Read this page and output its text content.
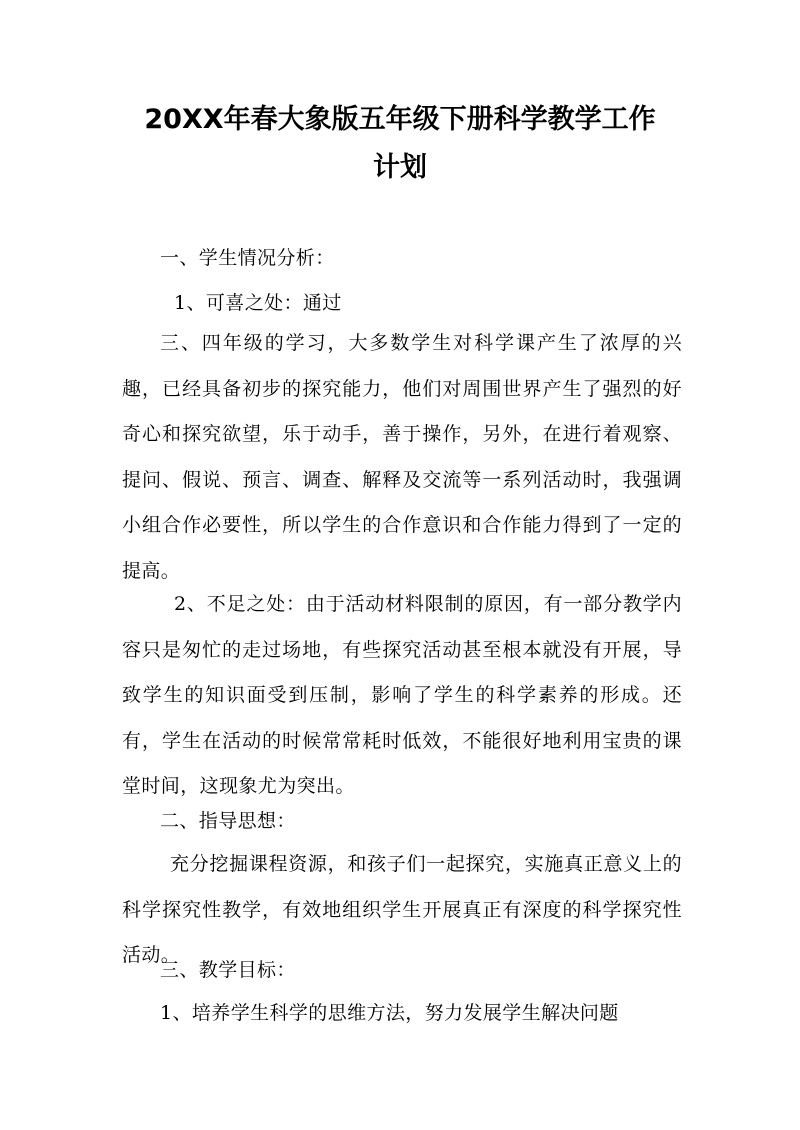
20XX年春大象版五年级下册科学教学工作
计划

一、学生情况分析：

1、可喜之处：通过

三、四年级的学习，大多数学生对科学课产生了浓厚的兴趣，已经具备初步的探究能力，他们对周围世界产生了强烈的好奇心和探究欲望，乐于动手，善于操作，另外，在进行着观察、提问、假说、预言、调查、解释及交流等一系列活动时，我强调小组合作必要性，所以学生的合作意识和合作能力得到了一定的提高。

2、不足之处：由于活动材料限制的原因，有一部分教学内容只是匆忙的走过场地，有些探究活动甚至根本就没有开展，导致学生的知识面受到压制，影响了学生的科学素养的形成。还有，学生在活动的时候常常耗时低效，不能很好地利用宝贵的课堂时间，这现象尤为突出。

二、指导思想：

充分挖掘课程资源，和孩子们一起探究，实施真正意义上的科学探究性教学，有效地组织学生开展真正有深度的科学探究性活动。

三、教学目标：

1、培养学生科学的思维方法，努力发展学生解决问题
